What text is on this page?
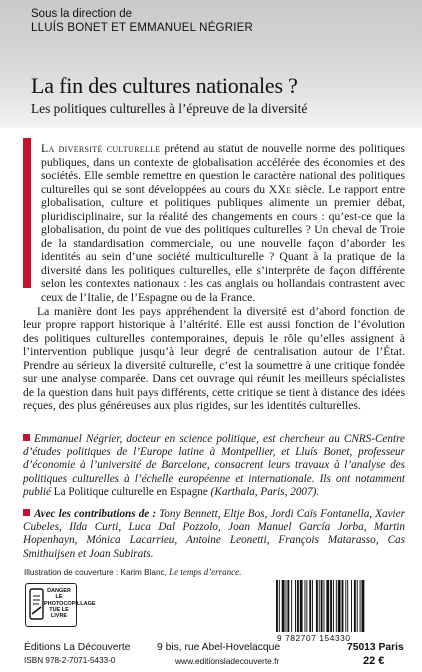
Sous la direction de
LLUÍS BONET ET EMMANUEL NÉGRIER
La fin des cultures nationales ?
Les politiques culturelles à l’épreuve de la diversité

La diversité culturelle prétend au statut de nouvelle norme des politiques publiques, dans un contexte de globalisation accélérée des économies et des sociétés. Elle semble remettre en question le caractère national des politiques culturelles qui se sont développées au cours du XXe siècle. Le rapport entre globalisation, culture et politiques publiques alimente un premier débat, pluridisciplinaire, sur la réalité des changements en cours : qu’est-ce que la globalisation, du point de vue des politiques culturelles ? Un cheval de Troie de la standardisation commerciale, ou une nouvelle façon d’aborder les identités au sein d’une société multiculturelle ? Quant à la pratique de la diversité dans les politiques culturelles, elle s’interprète de façon différente selon les contextes nationaux : les cas anglais ou hollandais contrastent avec ceux de l’Italie, de l’Espagne ou de la France.

La manière dont les pays appréhendent la diversité est d’abord fonction de leur propre rapport historique à l’altérité. Elle est aussi fonction de l’évolution des politiques culturelles contemporaines, depuis le rôle qu’elles assignent à l’intervention publique jusqu’à leur degré de centralisation autour de l’État. Prendre au sérieux la diversité culturelle, c’est la soumettre à une critique fondée sur une analyse comparée. Dans cet ouvrage qui réunit les meilleurs spécialistes de la question dans huit pays différents, cette critique se tient à distance des idées reçues, des plus généreuses aux plus rigides, sur les identités culturelles.

Emmanuel Négrier, docteur en science politique, est chercheur au CNRS-Centre d’études politiques de l’Europe latine à Montpellier, et Lluís Bonet, professeur d’économie à l’université de Barcelone, consacrent leurs travaux à l’analyse des politiques culturelles à l’échelle européenne et internationale. Ils ont notamment publié La Politique culturelle en Espagne (Karthala, Paris, 2007).

Avec les contributions de : Tony Bennett, Eltje Bos, Jordi Caïs Fontanella, Xavier Cubeles, Ilda Curti, Luca Dal Pozzolo, Joan Manuel García Jorba, Martin Hopenhayn, Mónica Lacarrieu, Antoine Leonetti, François Matarasso, Cas Smithuijsen et Joan Subirats.

Illustration de couverture : Karim Blanc, Le temps d’errance.
DANGER
LE
PHOTOCOPILLAGE
TUE LE LIVRE
9 782707 154330
Éditions La Découverte	9 bis, rue Abel-Hovelacque	75013 Paris
ISBN 978-2-7071-5433-0	www.editionsladecouverte.fr	22 €
